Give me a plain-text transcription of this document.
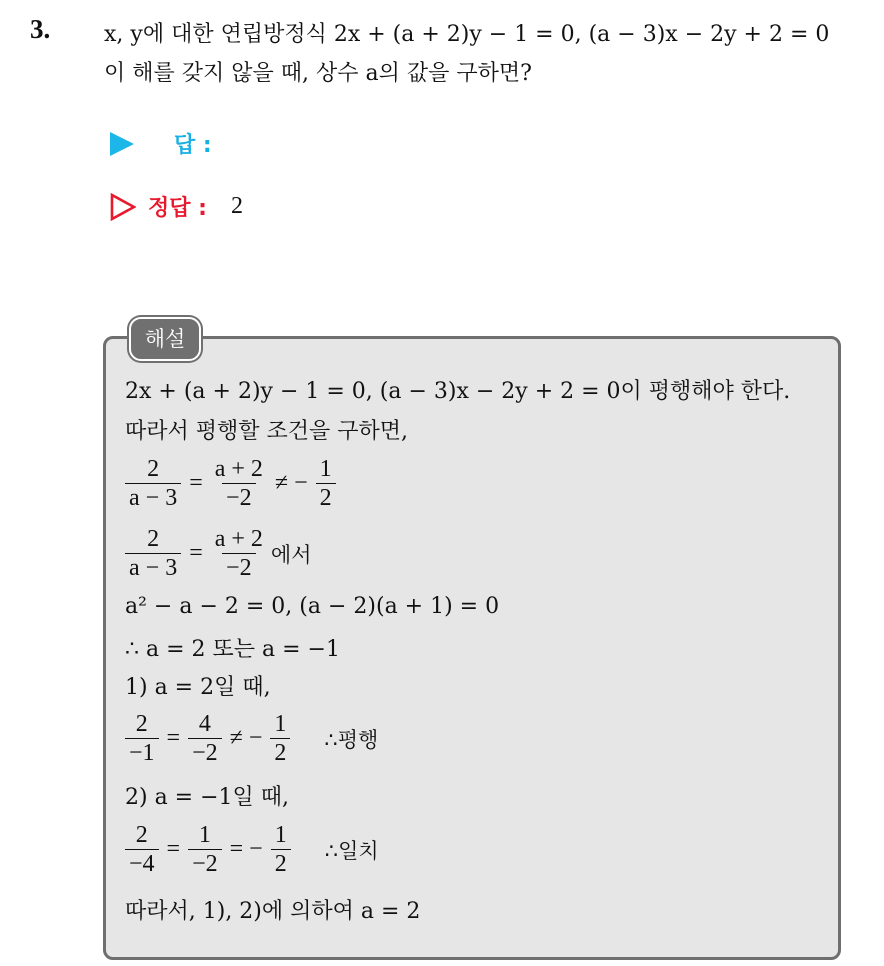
3. x, y에 대한 연립방정식 2x + (a + 2)y − 1 = 0, (a − 3)x − 2y + 2 = 0
이 해를 갖지 않을 때, 상수 a의 값을 구하면?
답 :
정답 : 2
해설
2x + (a + 2)y − 1 = 0, (a − 3)x − 2y + 2 = 0이 평행해야 한다.
따라서 평행할 조건을 구하면,
$\frac{2}{a - 3} = \frac{a + 2}{-2}$ ≠ − $\frac{1}{2}$
$\frac{2}{a - 3} = \frac{a + 2}{-2}$ 에서
a² − a − 2 = 0, (a − 2)(a + 1) = 0
∴ a = 2 또는 a = −1
1) a = 2일 때,
$\frac{2}{-1} = \frac{4}{-2}$ ≠ − $\frac{1}{2}$ ∴평행
2) a = −1일 때,
$\frac{2}{-4} = \frac{1}{-2}$ = − $\frac{1}{2}$ ∴일치
따라서, 1), 2)에 의하여 a = 2
